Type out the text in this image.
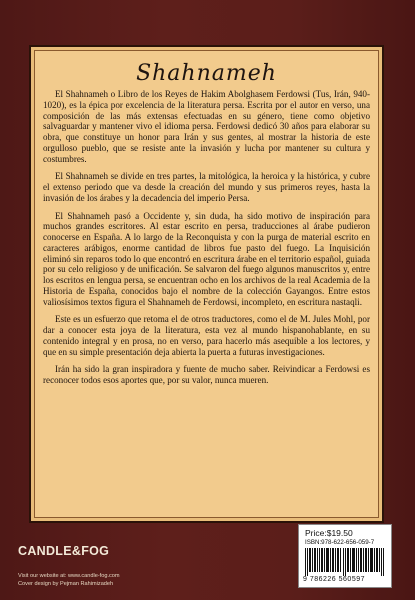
Shahnameh

El Shahnameh o Libro de los Reyes de Hakim Abolghasem Ferdowsi (Tus, Irán, 940-1020), es la épica por excelencia de la literatura persa. Escrita por el autor en verso, una composición de las más extensas efectuadas en su género, tiene como objetivo salvaguardar y mantener vivo el idioma persa. Ferdowsi dedicó 30 años para elaborar su obra, que constituye un honor para Irán y sus gentes, al mostrar la historia de este orgulloso pueblo, que se resiste ante la invasión y lucha por mantener su cultura y costumbres.

El Shahnameh se divide en tres partes, la mitológica, la heroica y la histórica, y cubre el extenso periodo que va desde la creación del mundo y sus primeros reyes, hasta la invasión de los árabes y la decadencia del imperio Persa.

El Shahnameh pasó a Occidente y, sin duda, ha sido motivo de inspiración para muchos grandes escritores. Al estar escrito en persa, traducciones al árabe pudieron conocerse en España. A lo largo de la Reconquista y con la purga de material escrito en caracteres arábigos, enorme cantidad de libros fue pasto del fuego. La Inquisición eliminó sin reparos todo lo que encontró en escritura árabe en el territorio español, guiada por su celo religioso y de unificación. Se salvaron del fuego algunos manuscritos y, entre los escritos en lengua persa, se encuentran ocho en los archivos de la real Academia de la Historia de España, conocidos bajo el nombre de la colección Gayangos. Entre estos valiosísimos textos figura el Shahnameh de Ferdowsi, incompleto, en escritura nastaqli.

Este es un esfuerzo que retoma el de otros traductores, como el de M. Jules Mohl, por dar a conocer esta joya de la literatura, esta vez al mundo hispanohablante, en su contenido integral y en prosa, no en verso, para hacerlo más asequible a los lectores, y que en su simple presentación deja abierta la puerta a futuras investigaciones.

Irán ha sido la gran inspiradora y fuente de mucho saber. Reivindicar a Ferdowsi es reconocer todos esos aportes que, por su valor, nunca mueren.

CANDLE&FOG
Visit our website at: www.candle-fog.com
Cover design by Pejman Rahimizadeh
Price:$19.50
ISBN:978-622-656-059-7
9 786226 560597
